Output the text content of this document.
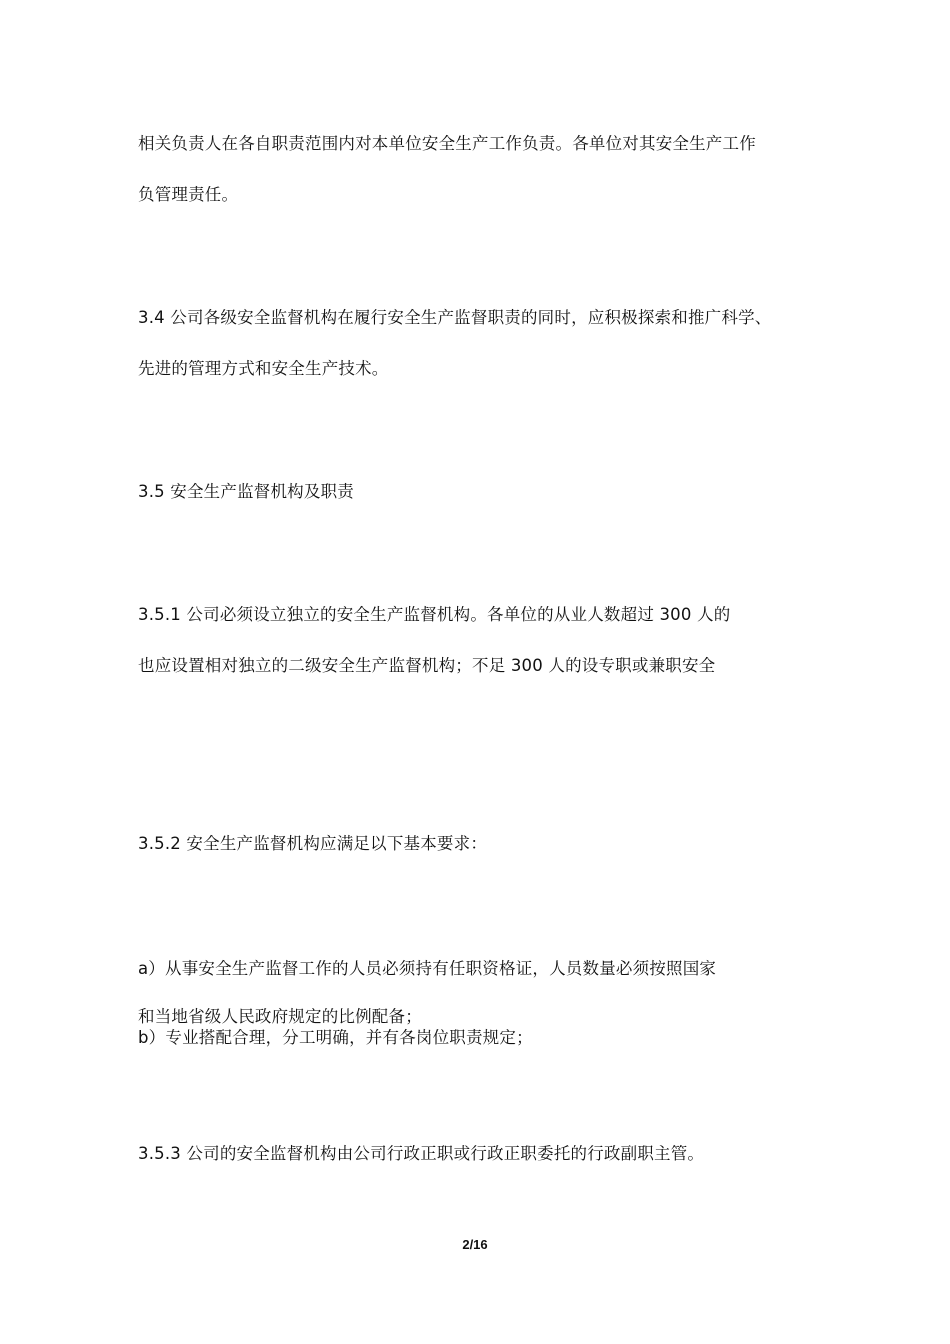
相关负责人在各自职责范围内对本单位安全生产工作负责。各单位对其安全生产工作
负管理责任。
3.4 公司各级安全监督机构在履行安全生产监督职责的同时，应积极探索和推广科学、
先进的管理方式和安全生产技术。
3.5 安全生产监督机构及职责
3.5.1 公司必须设立独立的安全生产监督机构。各单位的从业人数超过 300 人的
也应设置相对独立的二级安全生产监督机构；不足 300 人的设专职或兼职安全
3.5.2 安全生产监督机构应满足以下基本要求：
a）从事安全生产监督工作的人员必须持有任职资格证，人员数量必须按照国家
和当地省级人民政府规定的比例配备；
b）专业搭配合理，分工明确，并有各岗位职责规定；
3.5.3 公司的安全监督机构由公司行政正职或行政正职委托的行政副职主管。
2/16
